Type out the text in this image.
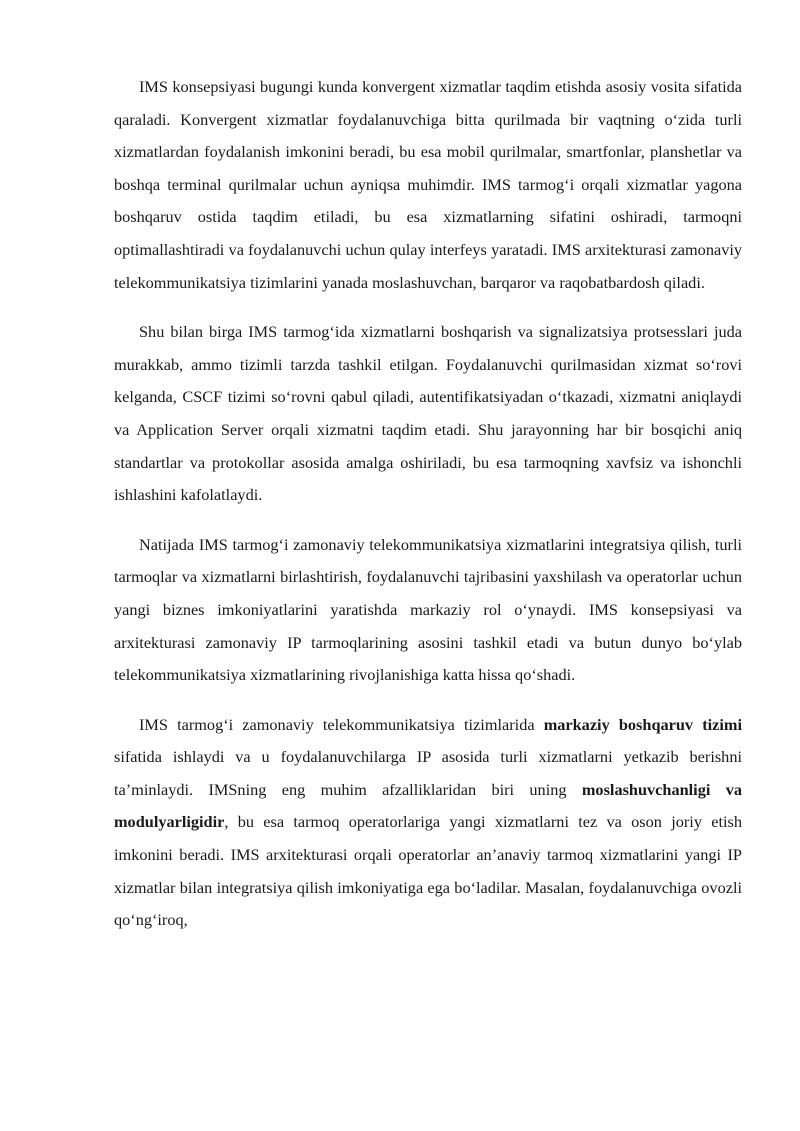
IMS konsepsiyasi bugungi kunda konvergent xizmatlar taqdim etishda asosiy vosita sifatida qaraladi. Konvergent xizmatlar foydalanuvchiga bitta qurilmada bir vaqtning o‘zida turli xizmatlardan foydalanish imkonini beradi, bu esa mobil qurilmalar, smartfonlar, planshetlar va boshqa terminal qurilmalar uchun ayniqsa muhimdir. IMS tarmog‘i orqali xizmatlar yagona boshqaruv ostida taqdim etiladi, bu esa xizmatlarning sifatini oshiradi, tarmoqni optimallashtiradi va foydalanuvchi uchun qulay interfeys yaratadi. IMS arxitekturasi zamonaviy telekommunikatsiya tizimlarini yanada moslashuvchan, barqaror va raqobatbardosh qiladi.

Shu bilan birga IMS tarmog‘ida xizmatlarni boshqarish va signalizatsiya protsesslari juda murakkab, ammo tizimli tarzda tashkil etilgan. Foydalanuvchi qurilmasidan xizmat so‘rovi kelganda, CSCF tizimi so‘rovni qabul qiladi, autentifikatsiyadan o‘tkazadi, xizmatni aniqlaydi va Application Server orqali xizmatni taqdim etadi. Shu jarayonning har bir bosqichi aniq standartlar va protokollar asosida amalga oshiriladi, bu esa tarmoqning xavfsiz va ishonchli ishlashini kafolatlaydi.

Natijada IMS tarmog‘i zamonaviy telekommunikatsiya xizmatlarini integratsiya qilish, turli tarmoqlar va xizmatlarni birlashtirish, foydalanuvchi tajribasini yaxshilash va operatorlar uchun yangi biznes imkoniyatlarini yaratishda markaziy rol o‘ynaydi. IMS konsepsiyasi va arxitekturasi zamonaviy IP tarmoqlarining asosini tashkil etadi va butun dunyo bo‘ylab telekommunikatsiya xizmatlarining rivojlanishiga katta hissa qo‘shadi.

IMS tarmog‘i zamonaviy telekommunikatsiya tizimlarida markaziy boshqaruv tizimi sifatida ishlaydi va u foydalanuvchilarga IP asosida turli xizmatlarni yetkazib berishni ta’minlaydi. IMSning eng muhim afzalliklaridan biri uning moslashuvchanligi va modulyarligidir, bu esa tarmoq operatorlariga yangi xizmatlarni tez va oson joriy etish imkonini beradi. IMS arxitekturasi orqali operatorlar an’anaviy tarmoq xizmatlarini yangi IP xizmatlar bilan integratsiya qilish imkoniyatiga ega bo‘ladilar. Masalan, foydalanuvchiga ovozli qo‘ng‘iroq,
